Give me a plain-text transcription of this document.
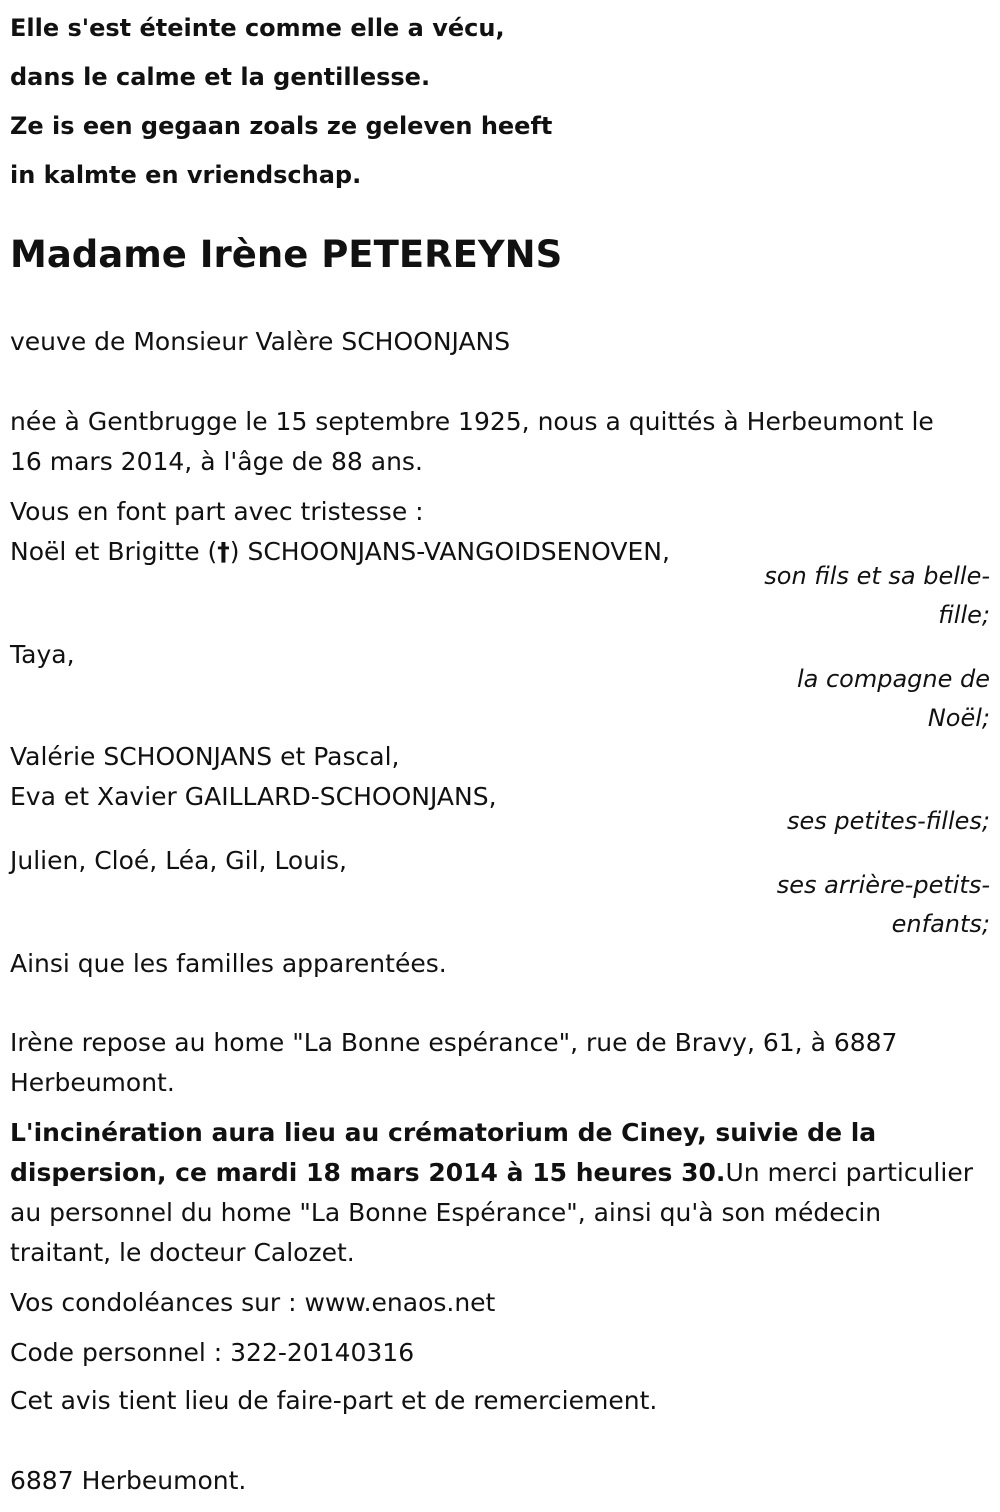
Elle s'est éteinte comme elle a vécu,
dans le calme et la gentillesse.
Ze is een gegaan zoals ze geleven heeft
in kalmte en vriendschap.
Madame Irène PETEREYNS
veuve de Monsieur Valère SCHOONJANS
née à Gentbrugge le 15 septembre 1925, nous a quittés à Herbeumont le
16 mars 2014, à l'âge de 88 ans.
Vous en font part avec tristesse :
Noël et Brigitte (†) SCHOONJANS-VANGOIDSENOVEN,
son fils et sa belle-fille;
Taya,
la compagne de Noël;
Valérie SCHOONJANS et Pascal,
Eva et Xavier GAILLARD-SCHOONJANS,
ses petites-filles;
Julien, Cloé, Léa, Gil, Louis,
ses arrière-petits-enfants;
Ainsi que les familles apparentées.
Irène repose au home "La Bonne espérance", rue de Bravy, 61, à 6887
Herbeumont.
L'incinération aura lieu au crématorium de Ciney, suivie de la
dispersion, ce mardi 18 mars 2014 à 15 heures 30.Un merci particulier
au personnel du home "La Bonne Espérance", ainsi qu'à son médecin
traitant, le docteur Calozet.
Vos condoléances sur : www.enaos.net
Code personnel : 322-20140316
Cet avis tient lieu de faire-part et de remerciement.
6887 Herbeumont.
